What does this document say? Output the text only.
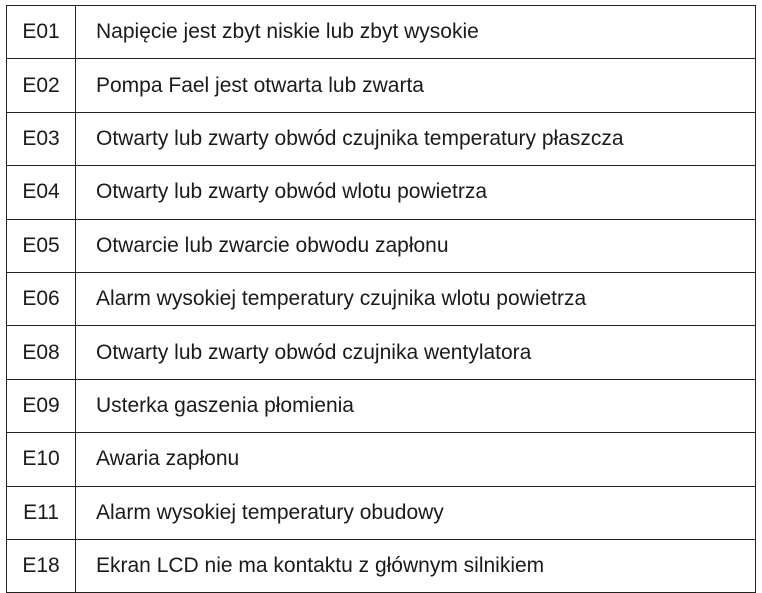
E01	Napięcie jest zbyt niskie lub zbyt wysokie
E02	Pompa Fael jest otwarta lub zwarta
E03	Otwarty lub zwarty obwód czujnika temperatury płaszcza
E04	Otwarty lub zwarty obwód wlotu powietrza
E05	Otwarcie lub zwarcie obwodu zapłonu
E06	Alarm wysokiej temperatury czujnika wlotu powietrza
E08	Otwarty lub zwarty obwód czujnika wentylatora
E09	Usterka gaszenia płomienia
E10	Awaria zapłonu
E11	Alarm wysokiej temperatury obudowy
E18	Ekran LCD nie ma kontaktu z głównym silnikiem
